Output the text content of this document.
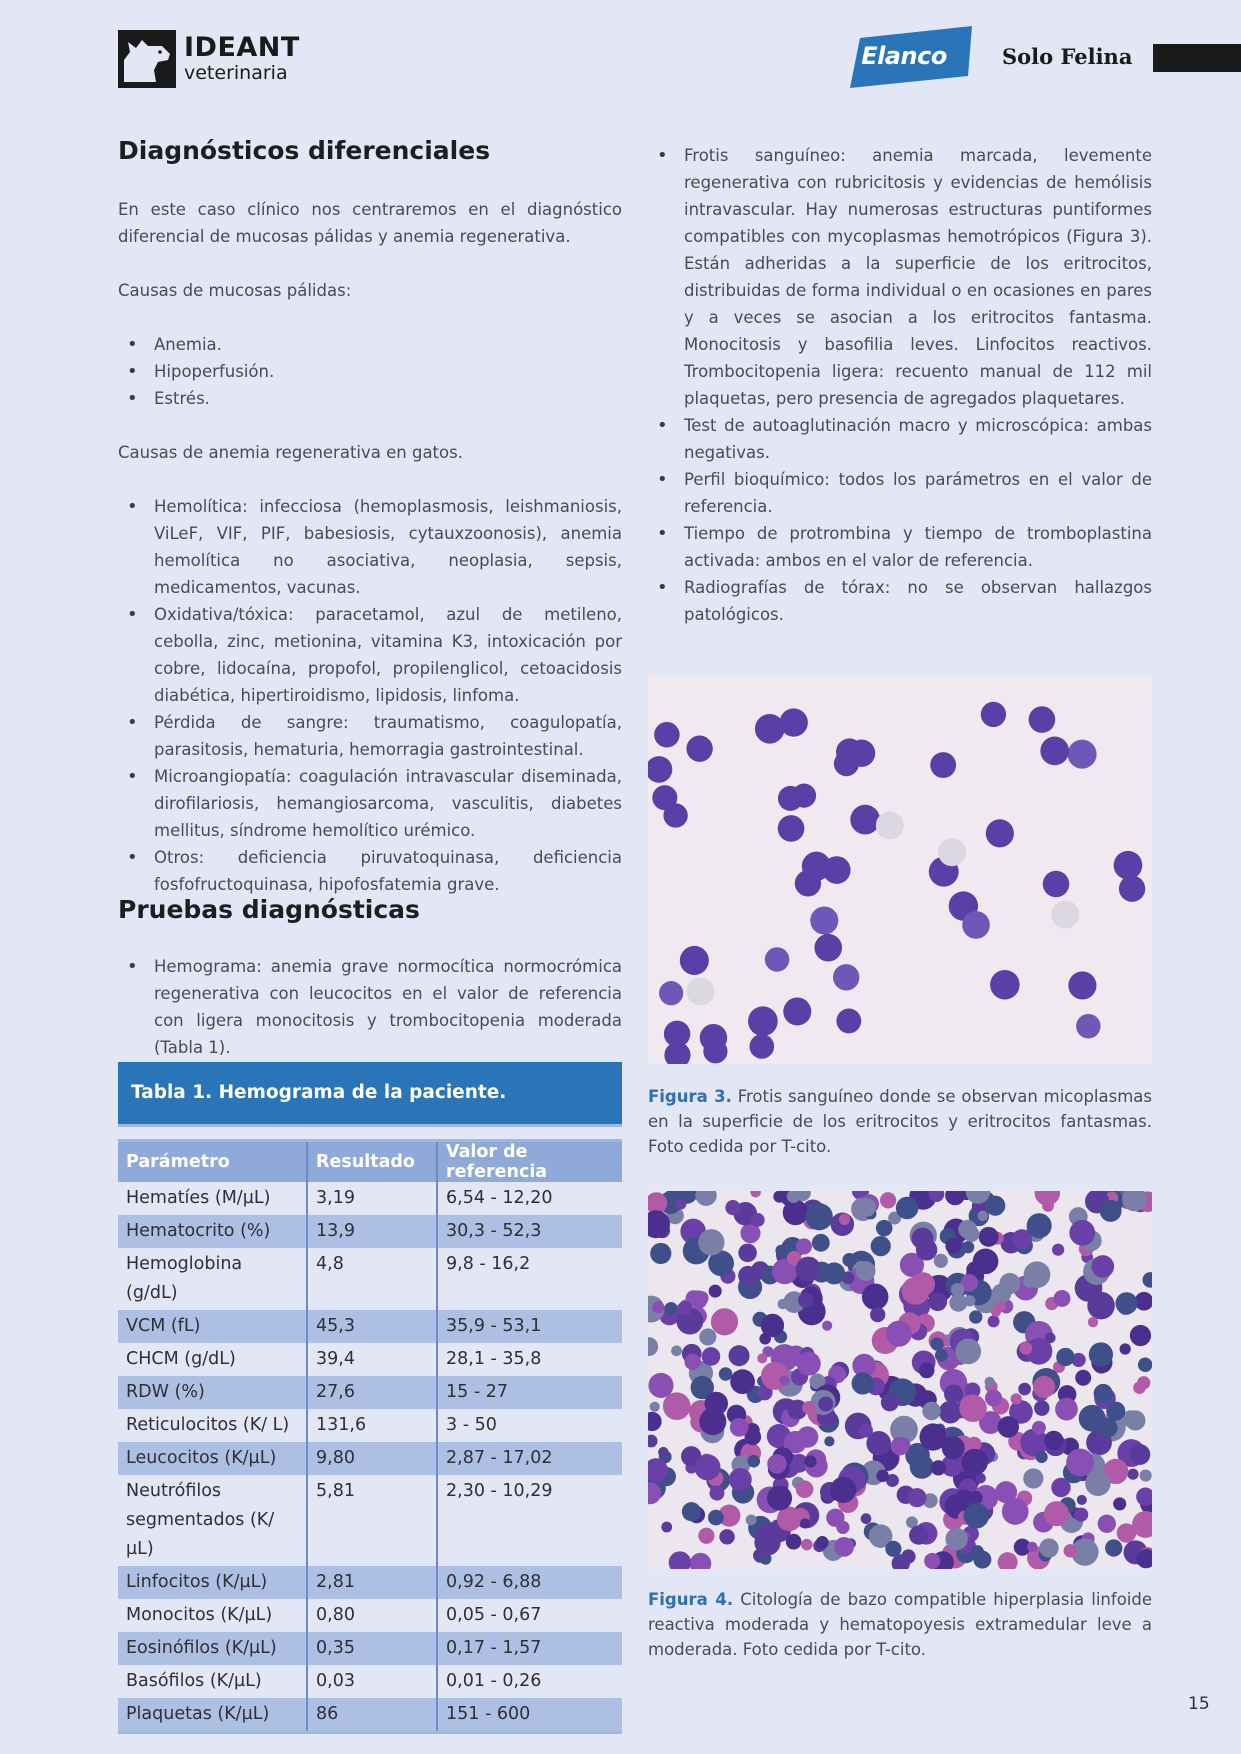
IDEANT
veterinaria
Elanco	Solo Felina
Diagnósticos diferenciales

En este caso clínico nos centraremos en el diagnóstico diferencial de mucosas pálidas y anemia regenerativa.

Causas de mucosas pálidas:

• Anemia.
• Hipoperfusión.
• Estrés.

Causas de anemia regenerativa en gatos.

• Hemolítica: infecciosa (hemoplasmosis, leishmaniosis, ViLeF, VIF, PIF, babesiosis, cytauxzoonosis), anemia hemolítica no asociativa, neoplasia, sepsis, medicamentos, vacunas.
• Oxidativa/tóxica: paracetamol, azul de metileno, cebolla, zinc, metionina, vitamina K3, intoxicación por cobre, lidocaína, propofol, propilenglicol, cetoacidosis diabética, hipertiroidismo, lipidosis, linfoma.
• Pérdida de sangre: traumatismo, coagulopatía, parasitosis, hematuria, hemorragia gastrointestinal.
• Microangiopatía: coagulación intravascular diseminada, dirofilariosis, hemangiosarcoma, vasculitis, diabetes mellitus, síndrome hemolítico urémico.
• Otros: deficiencia piruvatoquinasa, deficiencia fosfofructoquinasa, hipofosfatemia grave.
Pruebas diagnósticas
• Hemograma: anemia grave normocítica normocrómica regenerativa con leucocitos en el valor de referencia con ligera monocitosis y trombocitopenia moderada (Tabla 1).
Tabla 1. Hemograma de la paciente.
Parámetro	Resultado	Valor de referencia
Hematíes (M/µL)	3,19	6,54 - 12,20
Hematocrito (%)	13,9	30,3 - 52,3
Hemoglobina (g/dL)	4,8	9,8 - 16,2
VCM (fL)	45,3	35,9 - 53,1
CHCM (g/dL)	39,4	28,1 - 35,8
RDW (%)	27,6	15 - 27
Reticulocitos (K/ L)	131,6	3 - 50
Leucocitos (K/µL)	9,80	2,87 - 17,02
Neutrófilos segmentados (K/µL)	5,81	2,30 - 10,29
Linfocitos (K/µL)	2,81	0,92 - 6,88
Monocitos (K/µL)	0,80	0,05 - 0,67
Eosinófilos (K/µL)	0,35	0,17 - 1,57
Basófilos (K/µL)	0,03	0,01 - 0,26
Plaquetas (K/µL)	86	151 - 600
• Frotis sanguíneo: anemia marcada, levemente regenerativa con rubricitosis y evidencias de hemólisis intravascular. Hay numerosas estructuras puntiformes compatibles con mycoplasmas hemotrópicos (Figura 3). Están adheridas a la superficie de los eritrocitos, distribuidas de forma individual o en ocasiones en pares y a veces se asocian a los eritrocitos fantasma. Monocitosis y basofilia leves. Linfocitos reactivos. Trombocitopenia ligera: recuento manual de 112 mil plaquetas, pero presencia de agregados plaquetares.
• Test de autoaglutinación macro y microscópica: ambas negativas.
• Perfil bioquímico: todos los parámetros en el valor de referencia.
• Tiempo de protrombina y tiempo de tromboplastina activada: ambos en el valor de referencia.
• Radiografías de tórax: no se observan hallazgos patológicos.
Figura 3. Frotis sanguíneo donde se observan micoplasmas en la superficie de los eritrocitos y eritrocitos fantasmas. Foto cedida por T-cito.
Figura 4. Citología de bazo compatible hiperplasia linfoide reactiva moderada y hematopoyesis extramedular leve a moderada. Foto cedida por T-cito.
15
